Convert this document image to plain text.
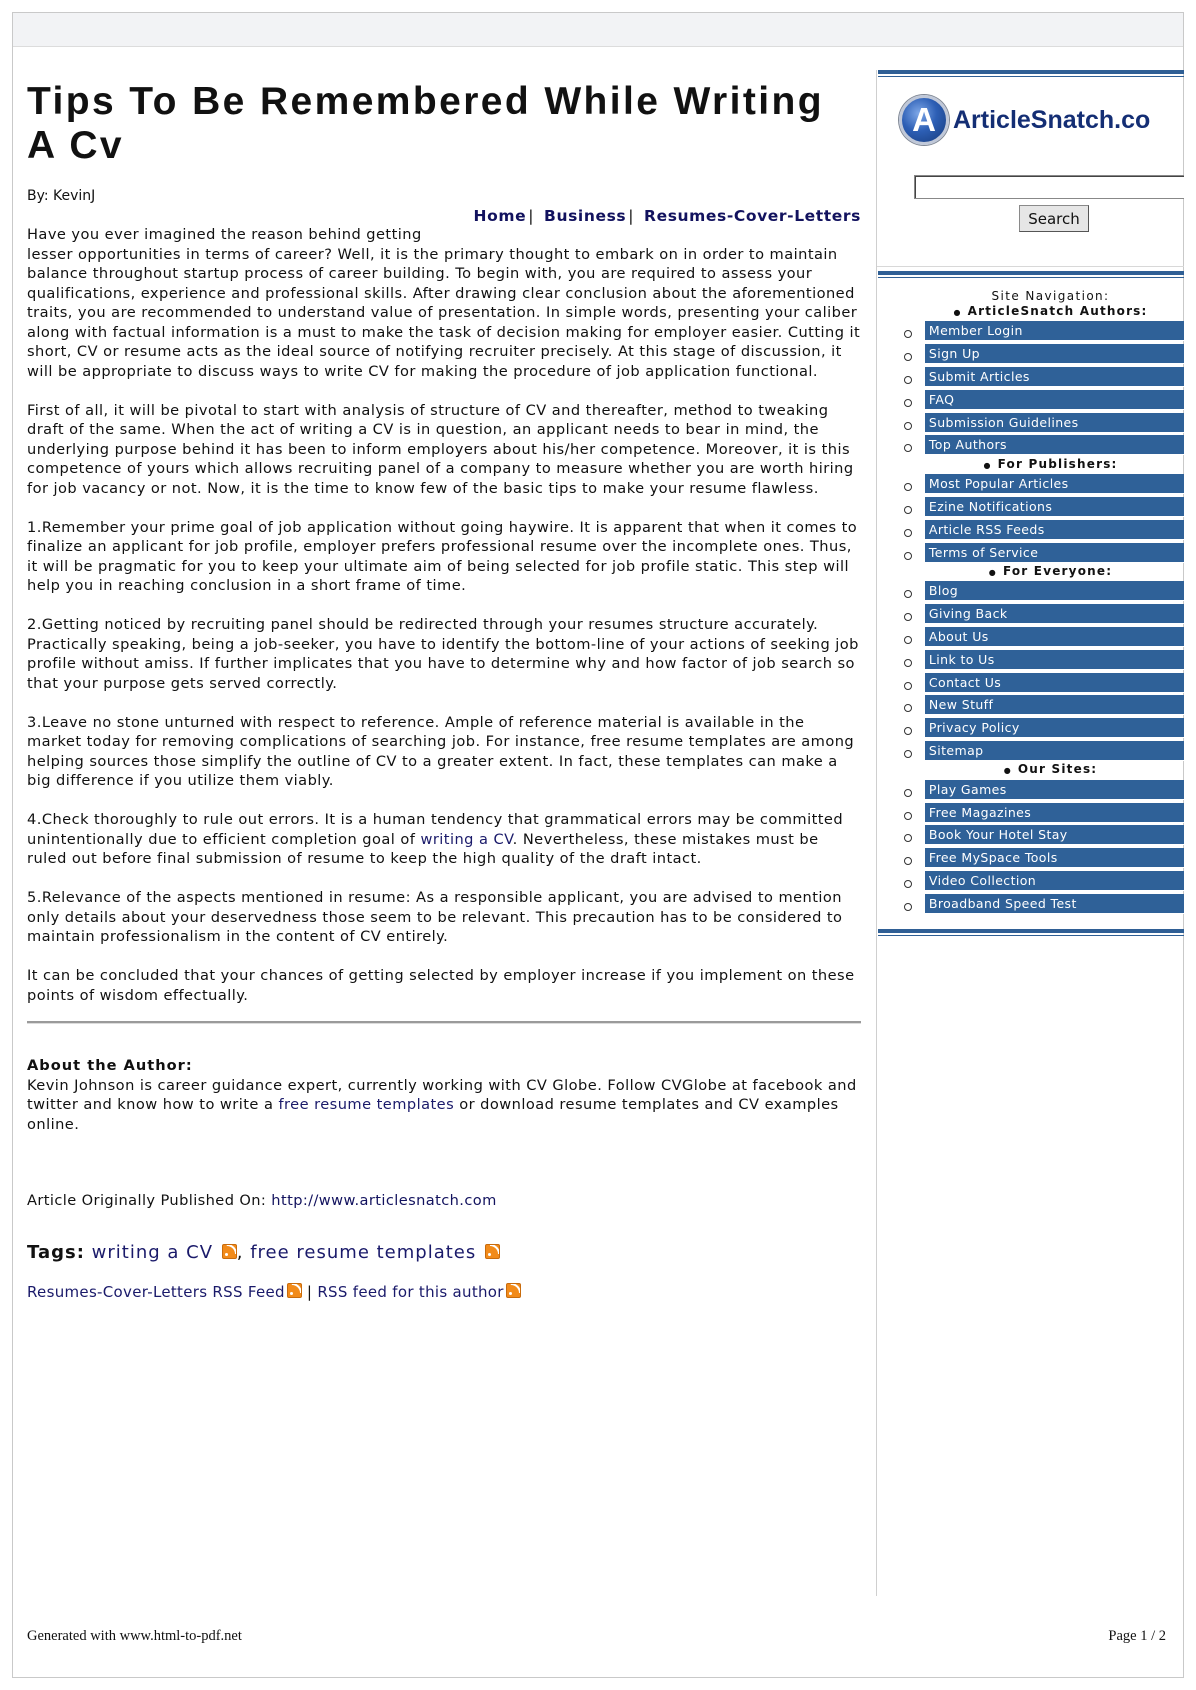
Tips To Be Remembered While Writing A Cv
By: KevinJ
Home | Business | Resumes-Cover-Letters
Have you ever imagined the reason behind getting

lesser opportunities in terms of career? Well, it is the primary thought to embark on in order to maintain balance throughout startup process of career building. To begin with, you are required to assess your qualifications, experience and professional skills. After drawing clear conclusion about the aforementioned traits, you are recommended to understand value of presentation. In simple words, presenting your caliber along with factual information is a must to make the task of decision making for employer easier. Cutting it short, CV or resume acts as the ideal source of notifying recruiter precisely. At this stage of discussion, it will be appropriate to discuss ways to write CV for making the procedure of job application functional.

First of all, it will be pivotal to start with analysis of structure of CV and thereafter, method to tweaking draft of the same. When the act of writing a CV is in question, an applicant needs to bear in mind, the underlying purpose behind it has been to inform employers about his/her competence. Moreover, it is this competence of yours which allows recruiting panel of a company to measure whether you are worth hiring for job vacancy or not. Now, it is the time to know few of the basic tips to make your resume flawless.

1.Remember your prime goal of job application without going haywire. It is apparent that when it comes to finalize an applicant for job profile, employer prefers professional resume over the incomplete ones. Thus, it will be pragmatic for you to keep your ultimate aim of being selected for job profile static. This step will help you in reaching conclusion in a short frame of time.

2.Getting noticed by recruiting panel should be redirected through your resumes structure accurately. Practically speaking, being a job-seeker, you have to identify the bottom-line of your actions of seeking job profile without amiss. If further implicates that you have to determine why and how factor of job search so that your purpose gets served correctly.

3.Leave no stone unturned with respect to reference. Ample of reference material is available in the market today for removing complications of searching job. For instance, free resume templates are among helping sources those simplify the outline of CV to a greater extent. In fact, these templates can make a big difference if you utilize them viably.

4.Check thoroughly to rule out errors. It is a human tendency that grammatical errors may be committed unintentionally due to efficient completion goal of writing a CV. Nevertheless, these mistakes must be ruled out before final submission of resume to keep the high quality of the draft intact.

5.Relevance of the aspects mentioned in resume: As a responsible applicant, you are advised to mention only details about your deservedness those seem to be relevant. This precaution has to be considered to maintain professionalism in the content of CV entirely.

It can be concluded that your chances of getting selected by employer increase if you implement on these points of wisdom effectually.

About the Author:
Kevin Johnson is career guidance expert, currently working with CV Globe. Follow CVGlobe at facebook and twitter and know how to write a free resume templates or download resume templates and CV examples online.
Article Originally Published On: http://www.articlesnatch.com
Tags: writing a CV , free resume templates
Resumes-Cover-Letters RSS Feed | RSS feed for this author
A ArticleSnatch.co
Search
Site Navigation:
● ArticleSnatch Authors:
Member Login
Sign Up
Submit Articles
FAQ
Submission Guidelines
Top Authors
● For Publishers:
Most Popular Articles
Ezine Notifications
Article RSS Feeds
Terms of Service
● For Everyone:
Blog
Giving Back
About Us
Link to Us
Contact Us
New Stuff
Privacy Policy
Sitemap
● Our Sites:
Play Games
Free Magazines
Book Your Hotel Stay
Free MySpace Tools
Video Collection
Broadband Speed Test
Generated with www.html-to-pdf.net	Page 1 / 2
